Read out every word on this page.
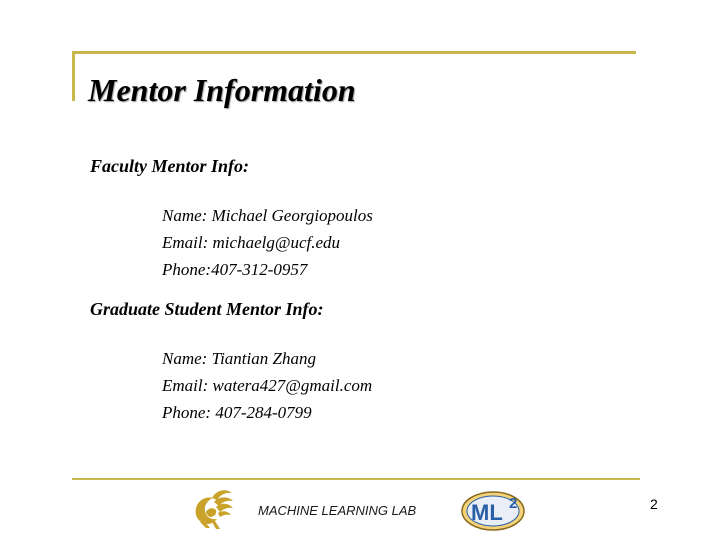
Mentor Information
Faculty Mentor Info:
Name: Michael Georgiopoulos
Email: michaelg@ucf.edu
Phone:407-312-0957
Graduate Student Mentor Info:
Name: Tiantian Zhang
Email: watera427@gmail.com
Phone: 407-284-0799
MACHINE LEARNING LAB ML 2	2
